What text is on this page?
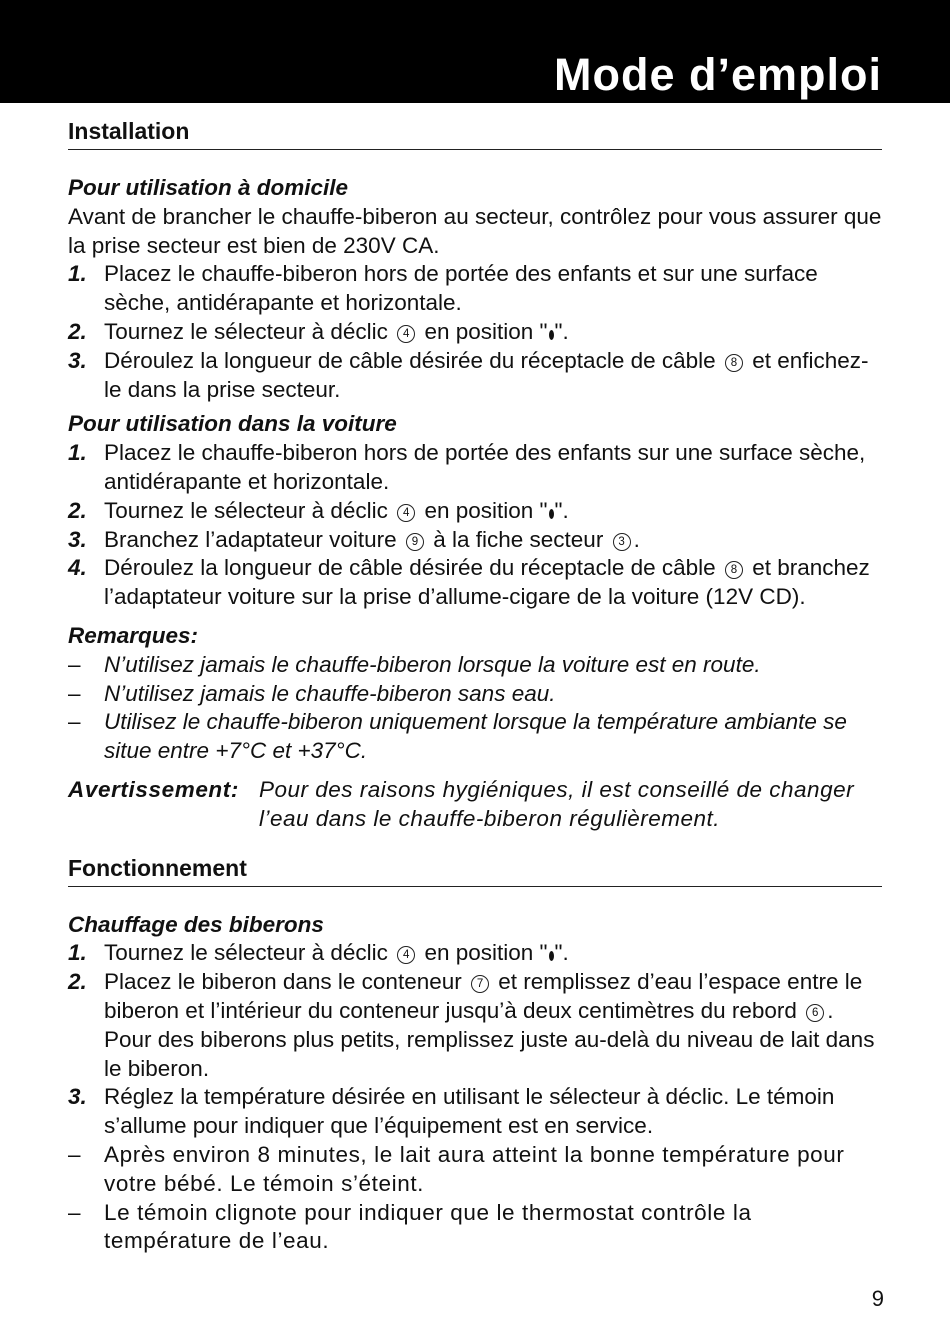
Mode d’emploi
Installation
Pour utilisation à domicile
Avant de brancher le chauffe-biberon au secteur, contrôlez pour vous assurer que la prise secteur est bien de 230V CA.
1. Placez le chauffe-biberon hors de portée des enfants et sur une surface sèche, antidérapante et horizontale.
2. Tournez le sélecteur à déclic 4 en position " ".
3. Déroulez la longueur de câble désirée du réceptacle de câble 8 et enfichez-le dans la prise secteur.
Pour utilisation dans la voiture
1. Placez le chauffe-biberon hors de portée des enfants sur une surface sèche, antidérapante et horizontale.
2. Tournez le sélecteur à déclic 4 en position " ".
3. Branchez l’adaptateur voiture 9 à la fiche secteur 3 .
4. Déroulez la longueur de câble désirée du réceptacle de câble 8 et branchez l’adaptateur voiture sur la prise d’allume-cigare de la voiture (12V CD).
Remarques:
–	N’utilisez jamais le chauffe-biberon lorsque la voiture est en route.
–	N’utilisez jamais le chauffe-biberon sans eau.
–	Utilisez le chauffe-biberon uniquement lorsque la température ambiante se situe entre +7°C et +37°C.
Avertissement: Pour des raisons hygiéniques, il est conseillé de changer l’eau dans le chauffe-biberon régulièrement.
Fonctionnement
Chauffage des biberons
1. Tournez le sélecteur à déclic 4 en position " ".
2. Placez le biberon dans le conteneur 7 et remplissez d’eau l’espace entre le biberon et l’intérieur du conteneur jusqu’à deux centimètres du rebord 6 . Pour des biberons plus petits, remplissez juste au-delà du niveau de lait dans le biberon.
3. Réglez la température désirée en utilisant le sélecteur à déclic. Le témoin s’allume pour indiquer que l’équipement est en service.
–	Après environ 8 minutes, le lait aura atteint la bonne température pour votre bébé. Le témoin s’éteint.
–	Le témoin clignote pour indiquer que le thermostat contrôle la température de l’eau.
9
